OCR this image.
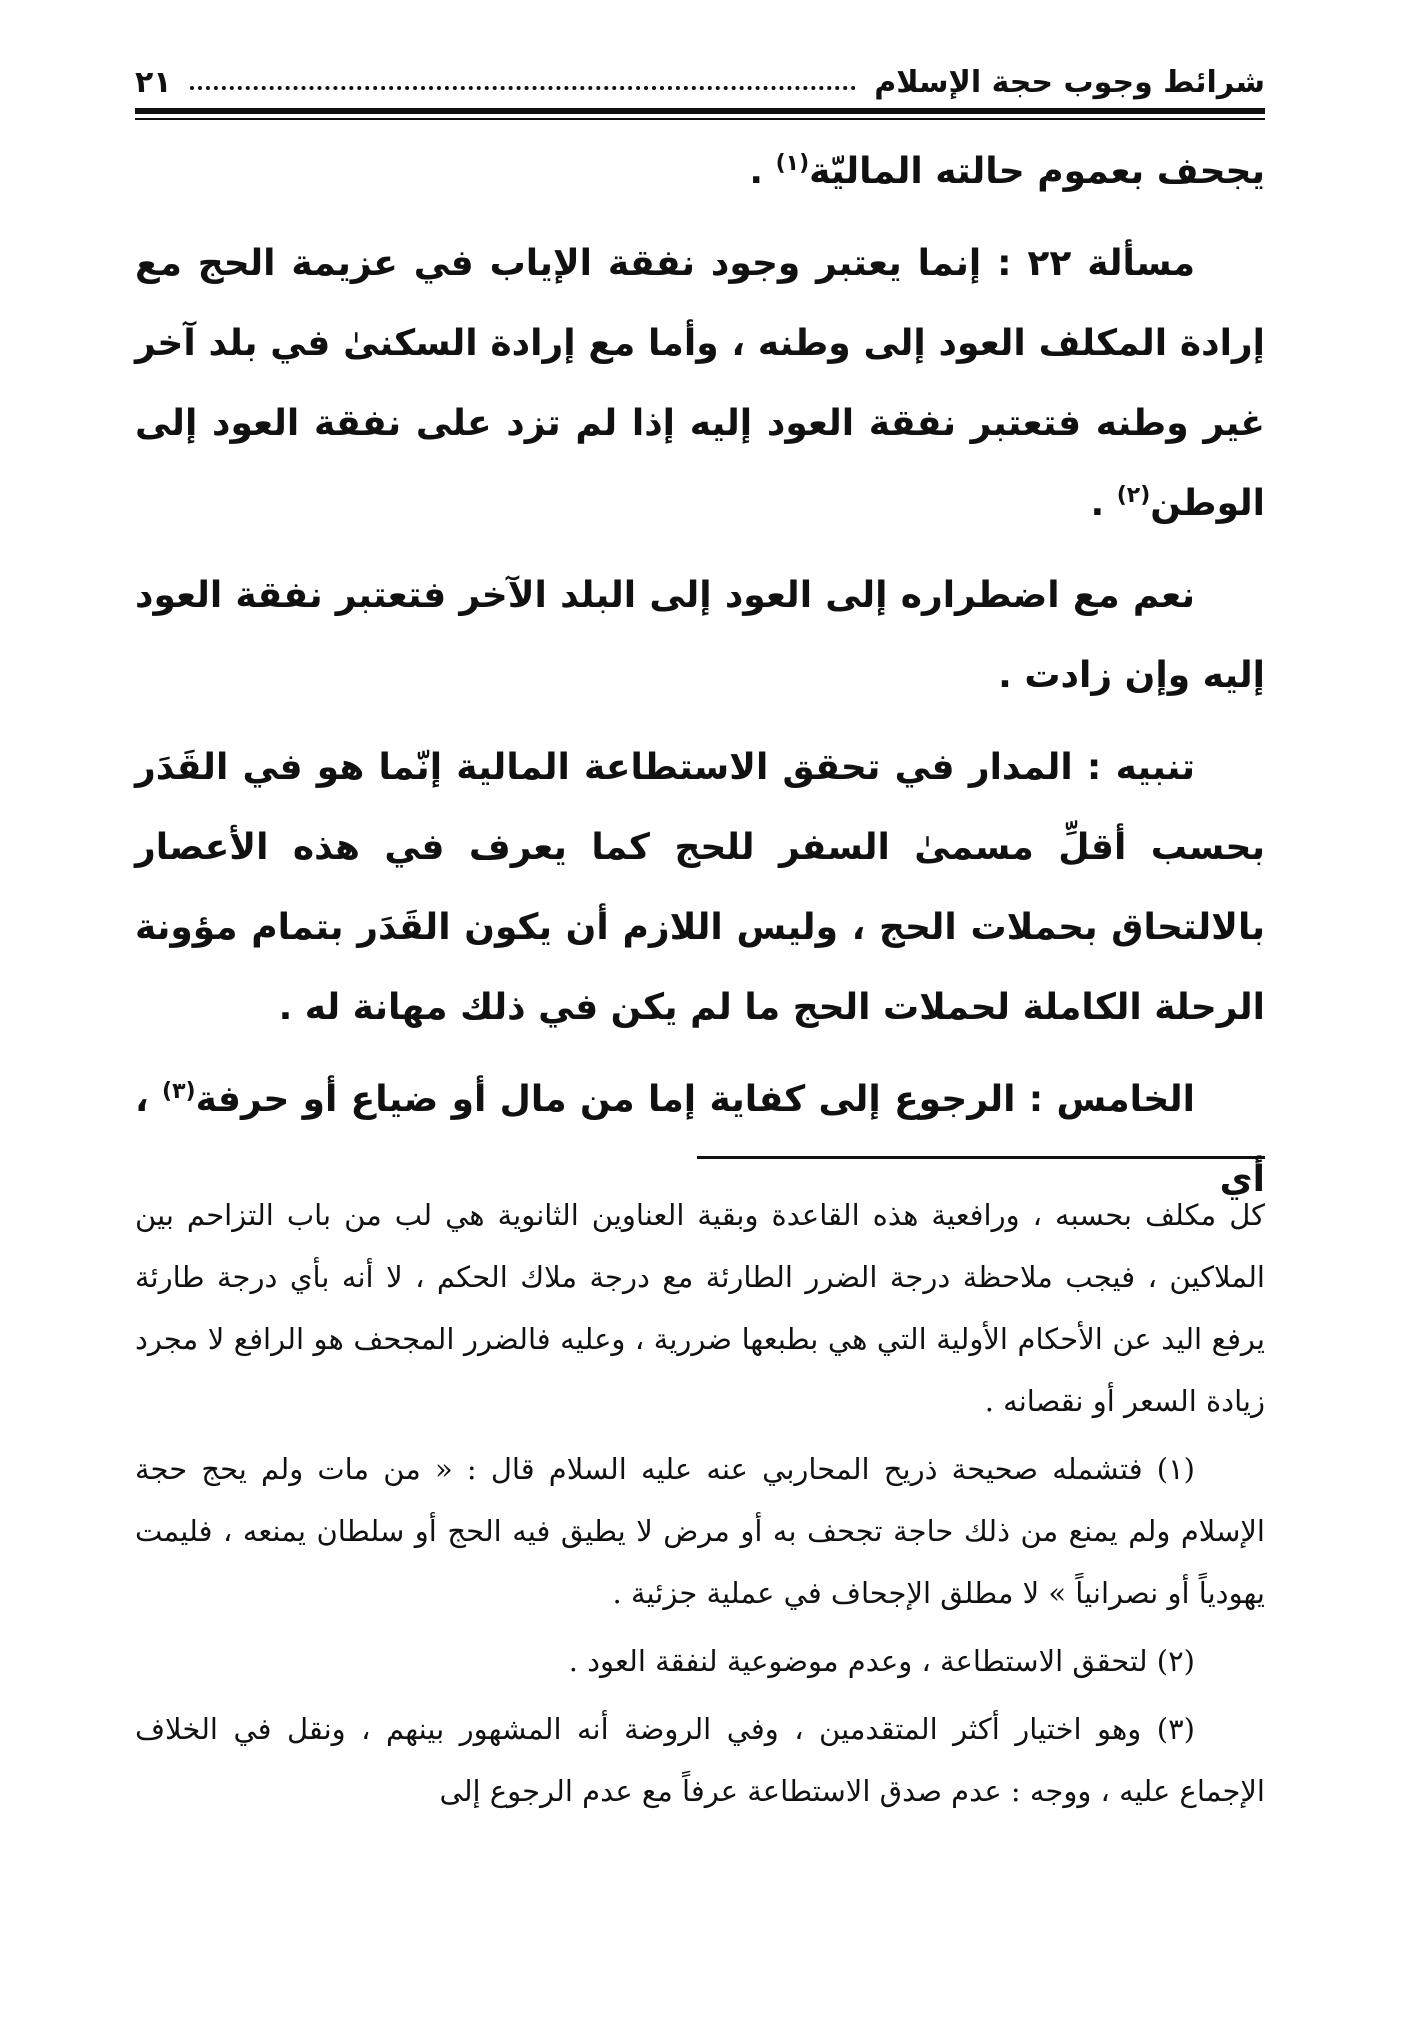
شرائط وجوب حجة الإسلام
٢١

يجحف بعموم حالته الماليّة$^{(١)}$ .

مسألة ٢٢ : إنما يعتبر وجود نفقة الإياب في عزيمة الحج مع إرادة المكلف العود إلى وطنه ، وأما مع إرادة السكنىٰ في بلد آخر غير وطنه فتعتبر نفقة العود إليه إذا لم تزد على نفقة العود إلى الوطن$^{(٢)}$ .

نعم مع اضطراره إلى العود إلى البلد الآخر فتعتبر نفقة العود إليه وإن زادت .

تنبيه : المدار في تحقق الاستطاعة المالية إنّما هو في القَدَر بحسب أقلِّ مسمىٰ السفر للحج كما يعرف في هذه الأعصار بالالتحاق بحملات الحج ، وليس اللازم أن يكون القَدَر بتمام مؤونة الرحلة الكاملة لحملات الحج ما لم يكن في ذلك مهانة له .

الخامس : الرجوع إلى كفاية إما من مال أو ضياع أو حرفة$^{(٣)}$ ، أي

كل مكلف بحسبه ، ورافعية هذه القاعدة وبقية العناوين الثانوية هي لب من باب التزاحم بين الملاكين ، فيجب ملاحظة درجة الضرر الطارئة مع درجة ملاك الحكم ، لا أنه بأي درجة طارئة يرفع اليد عن الأحكام الأولية التي هي بطبعها ضررية ، وعليه فالضرر المجحف هو الرافع لا مجرد زيادة السعر أو نقصانه .

(١) فتشمله صحيحة ذريح المحاربي عنه عليه السلام قال : « من مات ولم يحج حجة الإسلام ولم يمنع من ذلك حاجة تجحف به أو مرض لا يطيق فيه الحج أو سلطان يمنعه ، فليمت يهودياً أو نصرانياً » لا مطلق الإجحاف في عملية جزئية .

(٢) لتحقق الاستطاعة ، وعدم موضوعية لنفقة العود .

(٣) وهو اختيار أكثر المتقدمين ، وفي الروضة أنه المشهور بينهم ، ونقل في الخلاف الإجماع عليه ، ووجه : عدم صدق الاستطاعة عرفاً مع عدم الرجوع إلى
